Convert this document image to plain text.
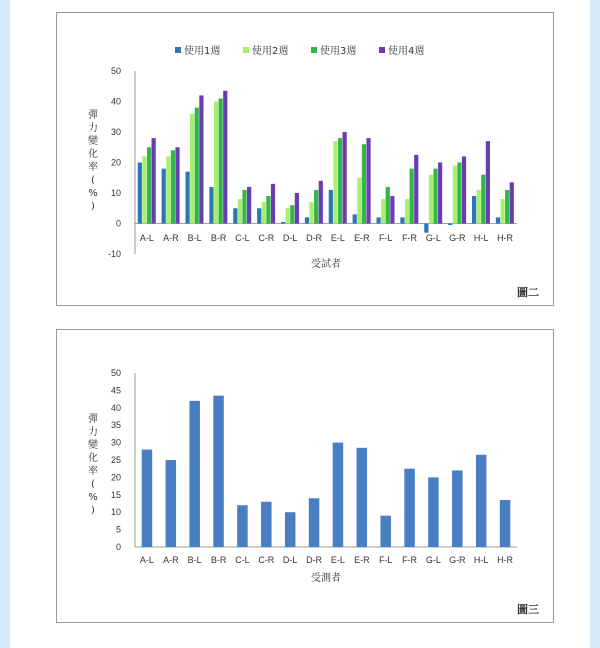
-10
0
10
20
30
40
50
A-L A-R B-L B-R C-L C-R D-L D-R E-L E-R F-L F-R G-L G-R H-L H-R
受試者
彈力變化率( % )
圖二
使用1週	使用2週	使用3週	使用4週
0
5
10
15
20
25
30
35
40
45
50
A-L A-R B-L B-R C-L C-R D-L D-R E-L E-R F-L F-R G-L G-R H-L H-R
受測者
彈力變化率( % )
圖三
